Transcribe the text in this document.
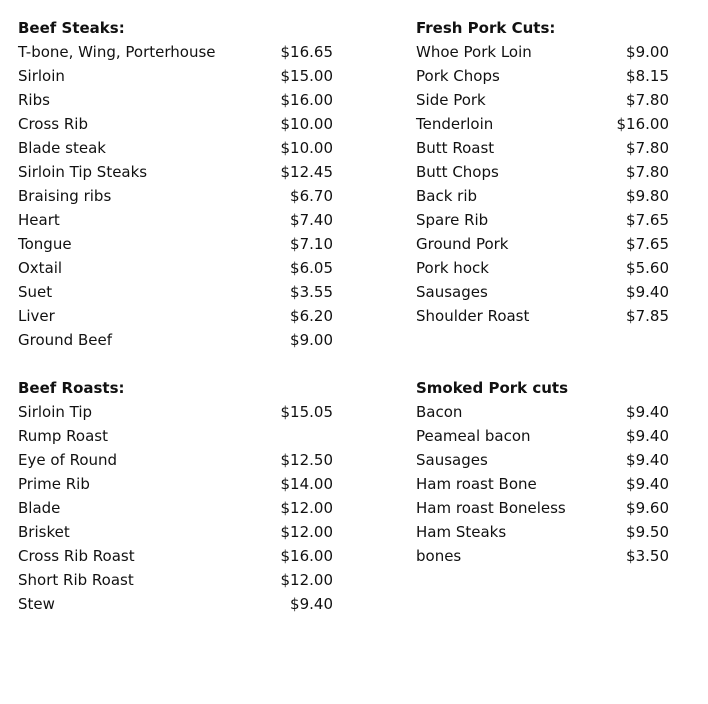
Beef Steaks:
T-bone, Wing, Porterhouse	$16.65
Sirloin	$15.00
Ribs	$16.00
Cross Rib	$10.00
Blade steak	$10.00
Sirloin Tip Steaks	$12.45
Braising ribs	$6.70
Heart	$7.40
Tongue	$7.10
Oxtail	$6.05
Suet	$3.55
Liver	$6.20
Ground Beef	$9.00
Fresh Pork Cuts:
Whoe Pork Loin	$9.00
Pork Chops	$8.15
Side Pork	$7.80
Tenderloin	$16.00
Butt Roast	$7.80
Butt Chops	$7.80
Back rib	$9.80
Spare Rib	$7.65
Ground Pork	$7.65
Pork hock	$5.60
Sausages	$9.40
Shoulder Roast	$7.85
Beef Roasts:
Sirloin Tip	$15.05
Rump Roast
Eye of Round	$12.50
Prime Rib	$14.00
Blade	$12.00
Brisket	$12.00
Cross Rib Roast	$16.00
Short Rib Roast	$12.00
Stew	$9.40
Smoked Pork cuts
Bacon	$9.40
Peameal bacon	$9.40
Sausages	$9.40
Ham roast Bone	$9.40
Ham roast Boneless	$9.60
Ham Steaks	$9.50
bones	$3.50
